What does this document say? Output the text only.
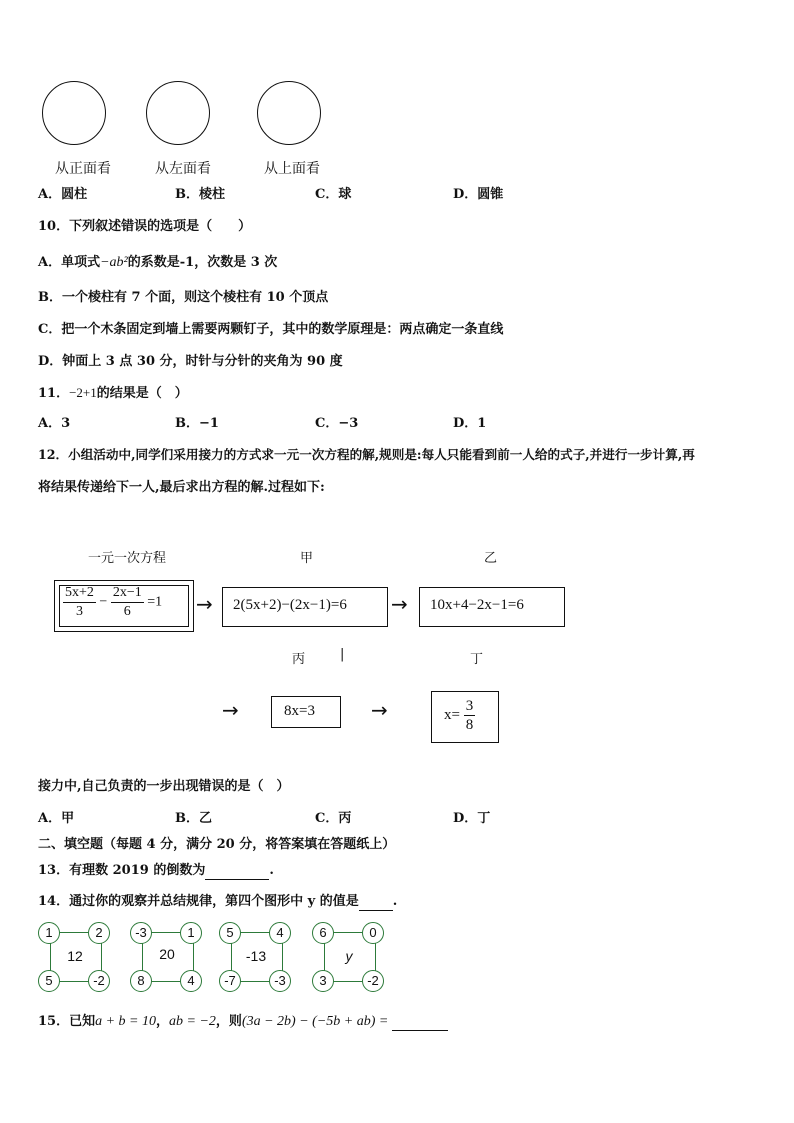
从正面看	从左面看	从上面看
A．圆柱	B．棱柱	C．球	D．圆锥
10．下列叙述错误的选项是（　　）
A．单项式−ab²的系数是-1，次数是 3 次
B．一个棱柱有 7 个面，则这个棱柱有 10 个顶点
C．把一个木条固定到墙上需要两颗钉子，其中的数学原理是：两点确定一条直线
D．钟面上 3 点 30 分，时针与分针的夹角为 90 度
11．−2+1的结果是（　）
A．3	B．−1	C．−3	D．1
12．小组活动中,同学们采用接力的方式求一元一次方程的解,规则是:每人只能看到前一人给的式子,并进行一步计算,再
将结果传递给下一人,最后求出方程的解.过程如下:
一元一次方程	甲	乙
$\frac{5x+2}{3} - \frac{2x-1}{6} =1 \to 2(5x+2)-(2x-1)=6 \to 10x+4-2x-1=6$
丙	|	丁
→	8x=3	→	$x= \frac{3}{8}$
接力中,自己负责的一步出现错误的是（　）
A．甲	B．乙	C．丙	D．丁
二、填空题（每题 4 分，满分 20 分，将答案填在答题纸上）
13．有理数 2019 的倒数为	.
14．通过你的观察并总结规律，第四个图形中 y 的值是	.
1	2
5	-2
12
-3	1
8	4
20
5	4
-7	-3
-13
6	0
3	-2
y
15．已知a + b = 10，ab = −2，则(3a − 2b) − (−5b + ab) =
